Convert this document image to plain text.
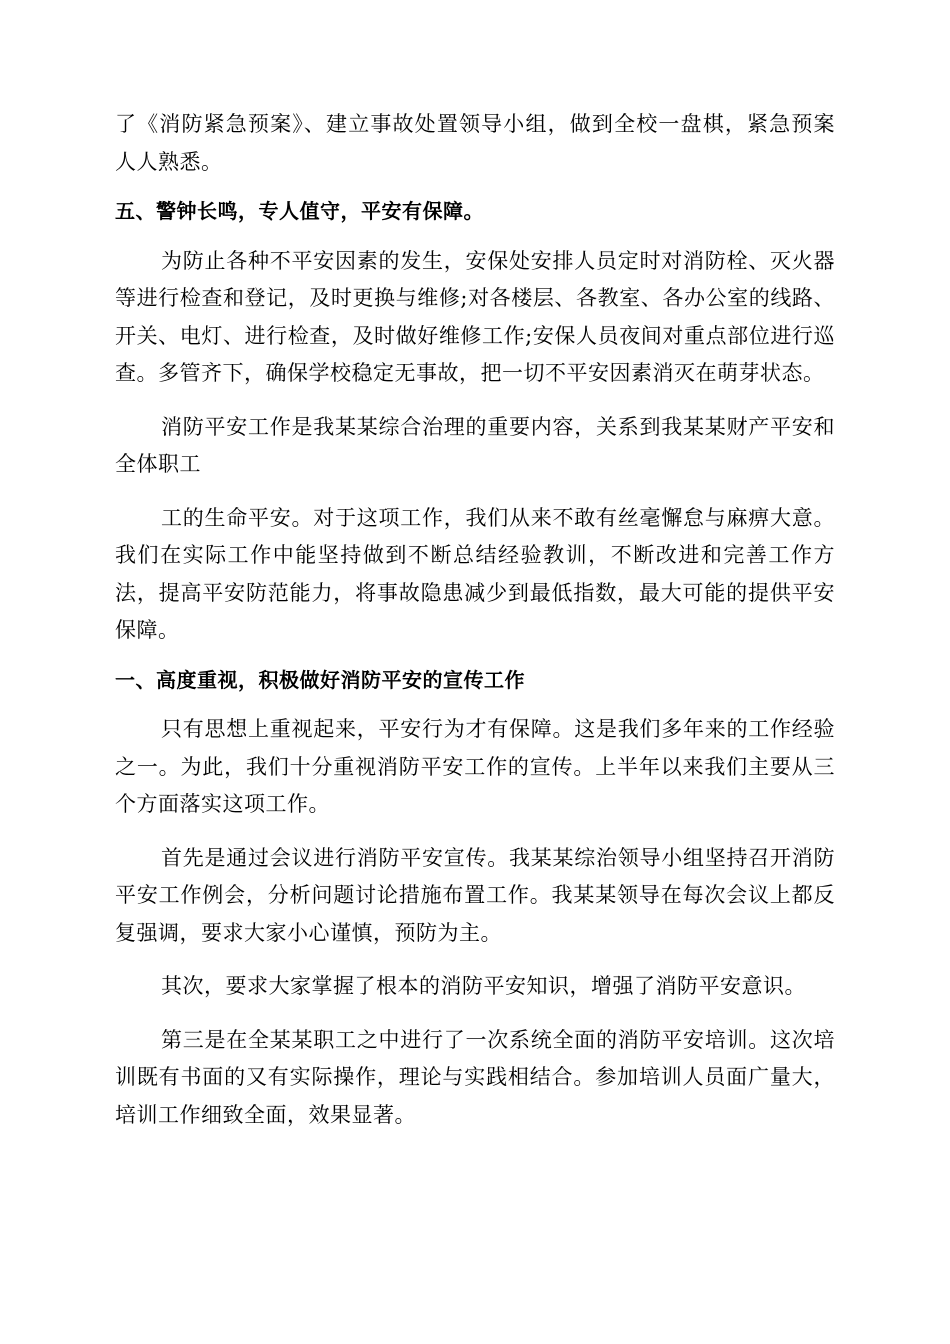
了《消防紧急预案》、建立事故处置领导小组，做到全校一盘棋，紧急预案人人熟悉。

五、警钟长鸣，专人值守，平安有保障。

为防止各种不平安因素的发生，安保处安排人员定时对消防栓、灭火器等进行检查和登记，及时更换与维修;对各楼层、各教室、各办公室的线路、开关、电灯、进行检查，及时做好维修工作;安保人员夜间对重点部位进行巡查。多管齐下，确保学校稳定无事故，把一切不平安因素消灭在萌芽状态。

消防平安工作是我某某综合治理的重要内容，关系到我某某财产平安和全体职工

工的生命平安。对于这项工作，我们从来不敢有丝毫懈怠与麻痹大意。我们在实际工作中能坚持做到不断总结经验教训，不断改进和完善工作方法，提高平安防范能力，将事故隐患减少到最低指数，最大可能的提供平安保障。

一、高度重视，积极做好消防平安的宣传工作

只有思想上重视起来，平安行为才有保障。这是我们多年来的工作经验之一。为此，我们十分重视消防平安工作的宣传。上半年以来我们主要从三个方面落实这项工作。

首先是通过会议进行消防平安宣传。我某某综治领导小组坚持召开消防平安工作例会，分析问题讨论措施布置工作。我某某领导在每次会议上都反复强调，要求大家小心谨慎，预防为主。

其次，要求大家掌握了根本的消防平安知识，增强了消防平安意识。

第三是在全某某职工之中进行了一次系统全面的消防平安培训。这次培训既有书面的又有实际操作，理论与实践相结合。参加培训人员面广量大，培训工作细致全面，效果显著。
